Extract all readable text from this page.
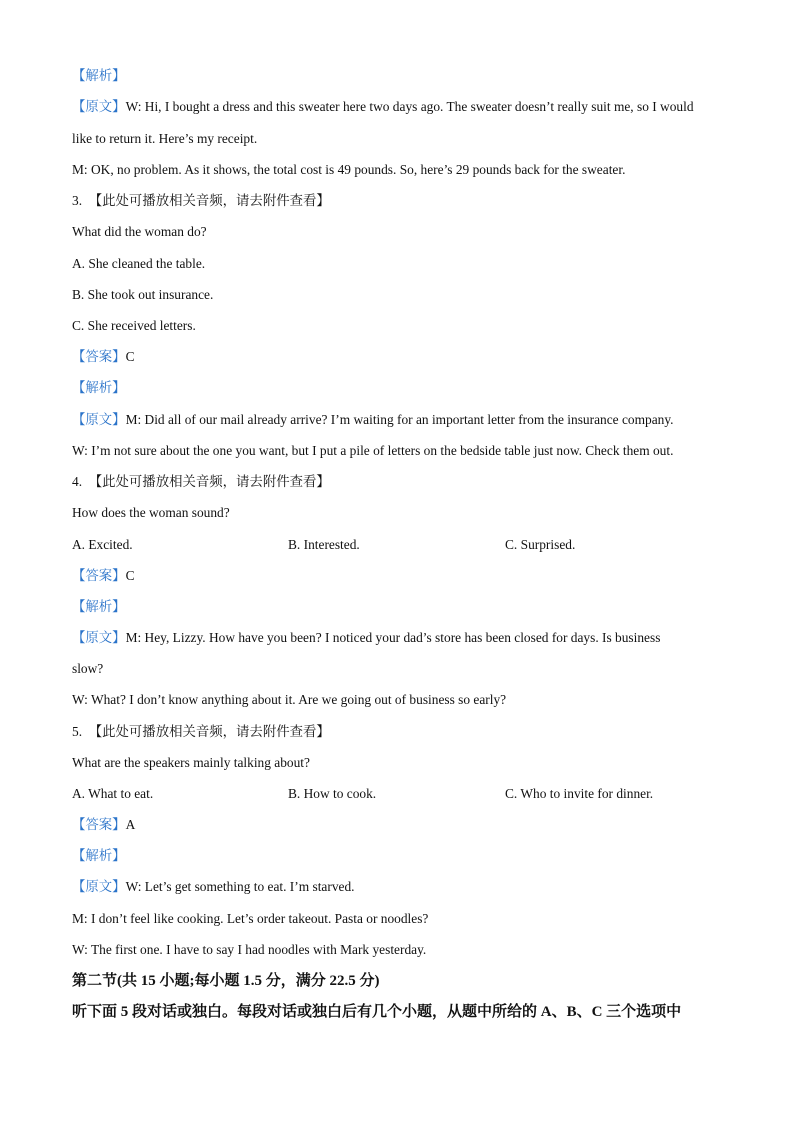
【解析】
【原文】W: Hi, I bought a dress and this sweater here two days ago. The sweater doesn’t really suit me, so I would
like to return it. Here’s my receipt.
M: OK, no problem. As it shows, the total cost is 49 pounds. So, here’s 29 pounds back for the sweater.
3. 【此处可播放相关音频，请去附件查看】
What did the woman do?
A. She cleaned the table.
B. She took out insurance.
C. She received letters.
【答案】C
【解析】
【原文】M: Did all of our mail already arrive? I’m waiting for an important letter from the insurance company.
W: I’m not sure about the one you want, but I put a pile of letters on the bedside table just now. Check them out.
4. 【此处可播放相关音频，请去附件查看】
How does the woman sound?
A. Excited.	B. Interested.	C. Surprised.
【答案】C
【解析】
【原文】M: Hey, Lizzy. How have you been? I noticed your dad’s store has been closed for days. Is business
slow?
W: What? I don’t know anything about it. Are we going out of business so early?
5. 【此处可播放相关音频，请去附件查看】
What are the speakers mainly talking about?
A. What to eat.	B. How to cook.	C. Who to invite for dinner.
【答案】A
【解析】
【原文】W: Let’s get something to eat. I’m starved.
M: I don’t feel like cooking. Let’s order takeout. Pasta or noodles?
W: The first one. I have to say I had noodles with Mark yesterday.
第二节(共 15 小题;每小题 1.5 分，满分 22.5 分)
听下面 5 段对话或独白。每段对话或独白后有几个小题，从题中所给的 A、B、C 三个选项中
